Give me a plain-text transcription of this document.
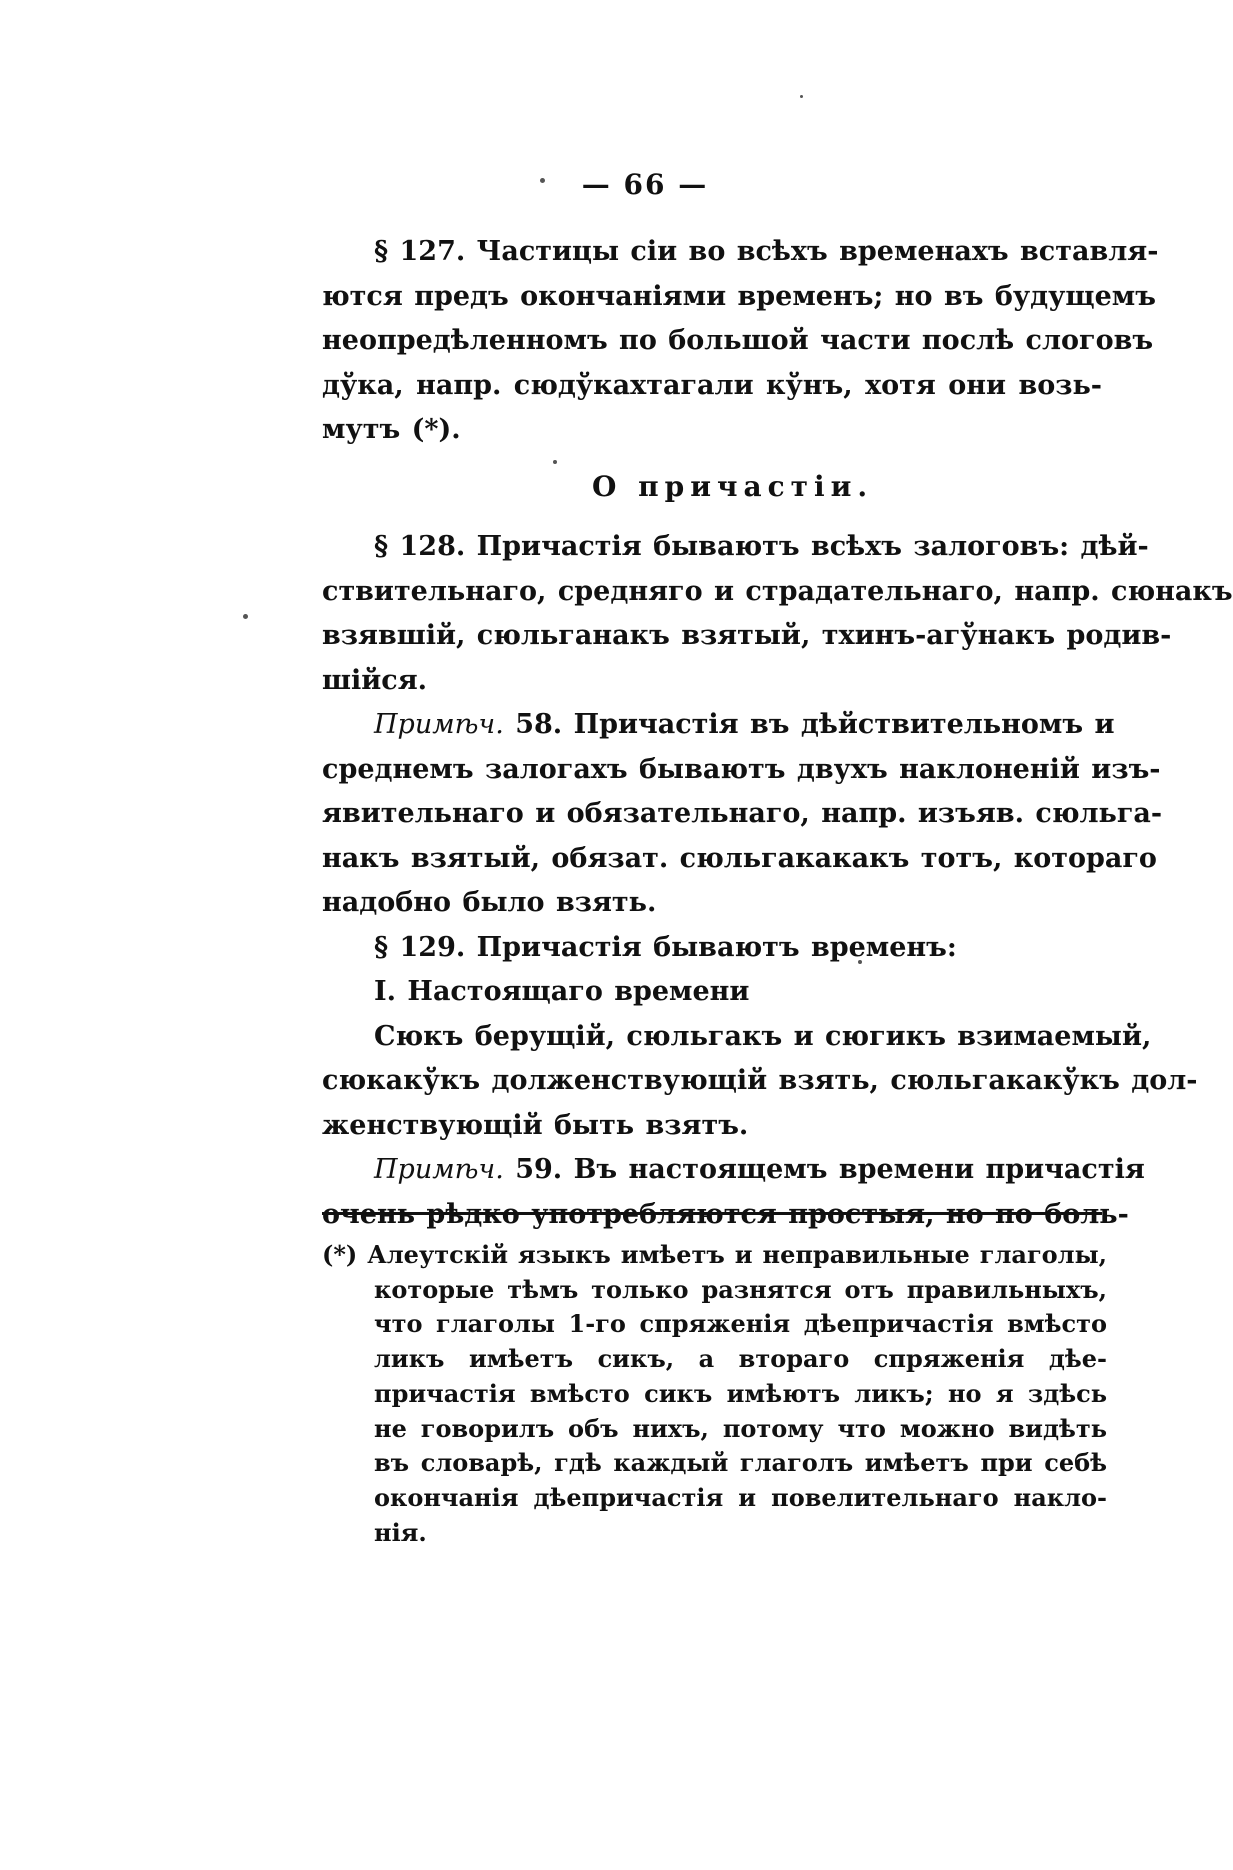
— 66 —
§ 127. Частицы сіи во всѣхъ временахъ вставля-
ются предъ окончаніями временъ; но въ будущемъ
неопредѣленномъ по большой части послѣ слоговъ
дўка, напр. сюдўкахтагали кўнъ, хотя они возь-
мутъ (*).
О причастіи.
§ 128. Причастія бываютъ всѣхъ залоговъ: дѣй-
ствительнаго, средняго и страдательнаго, напр. сюнакъ
взявшій, сюльганакъ взятый, тхинъ-агўнакъ родив-
шійся.
Примѣч. 58. Причастія въ дѣйствительномъ и
среднемъ залогахъ бываютъ двухъ наклоненій изъ-
явительнаго и обязательнаго, напр. изъяв. сюльга-
накъ взятый, обязат. сюльгакакакъ тотъ, котораго
надобно было взять.
§ 129. Причастія бываютъ временъ:
I. Настоящаго времени
Сюкъ берущій, сюльгакъ и сюгикъ взимаемый,
сюкакўкъ долженствующій взять, сюльгакакўкъ дол-
женствующій быть взятъ.
Примѣч. 59. Въ настоящемъ времени причастія
очень рѣдко употребляются простыя, но по боль-
(*) Алеутскій языкъ имѣетъ и неправильные глаголы,
которые тѣмъ только разнятся отъ правильныхъ,
что глаголы 1-го спряженія дѣепричастія вмѣсто
ликъ имѣетъ сикъ, а втораго спряженія дѣе-
причастія вмѣсто сикъ имѣютъ ликъ; но я здѣсь
не говорилъ объ нихъ, потому что можно видѣть
въ словарѣ, гдѣ каждый глаголъ имѣетъ при себѣ
окончанія дѣепричастія и повелительнаго накло-
нія.
